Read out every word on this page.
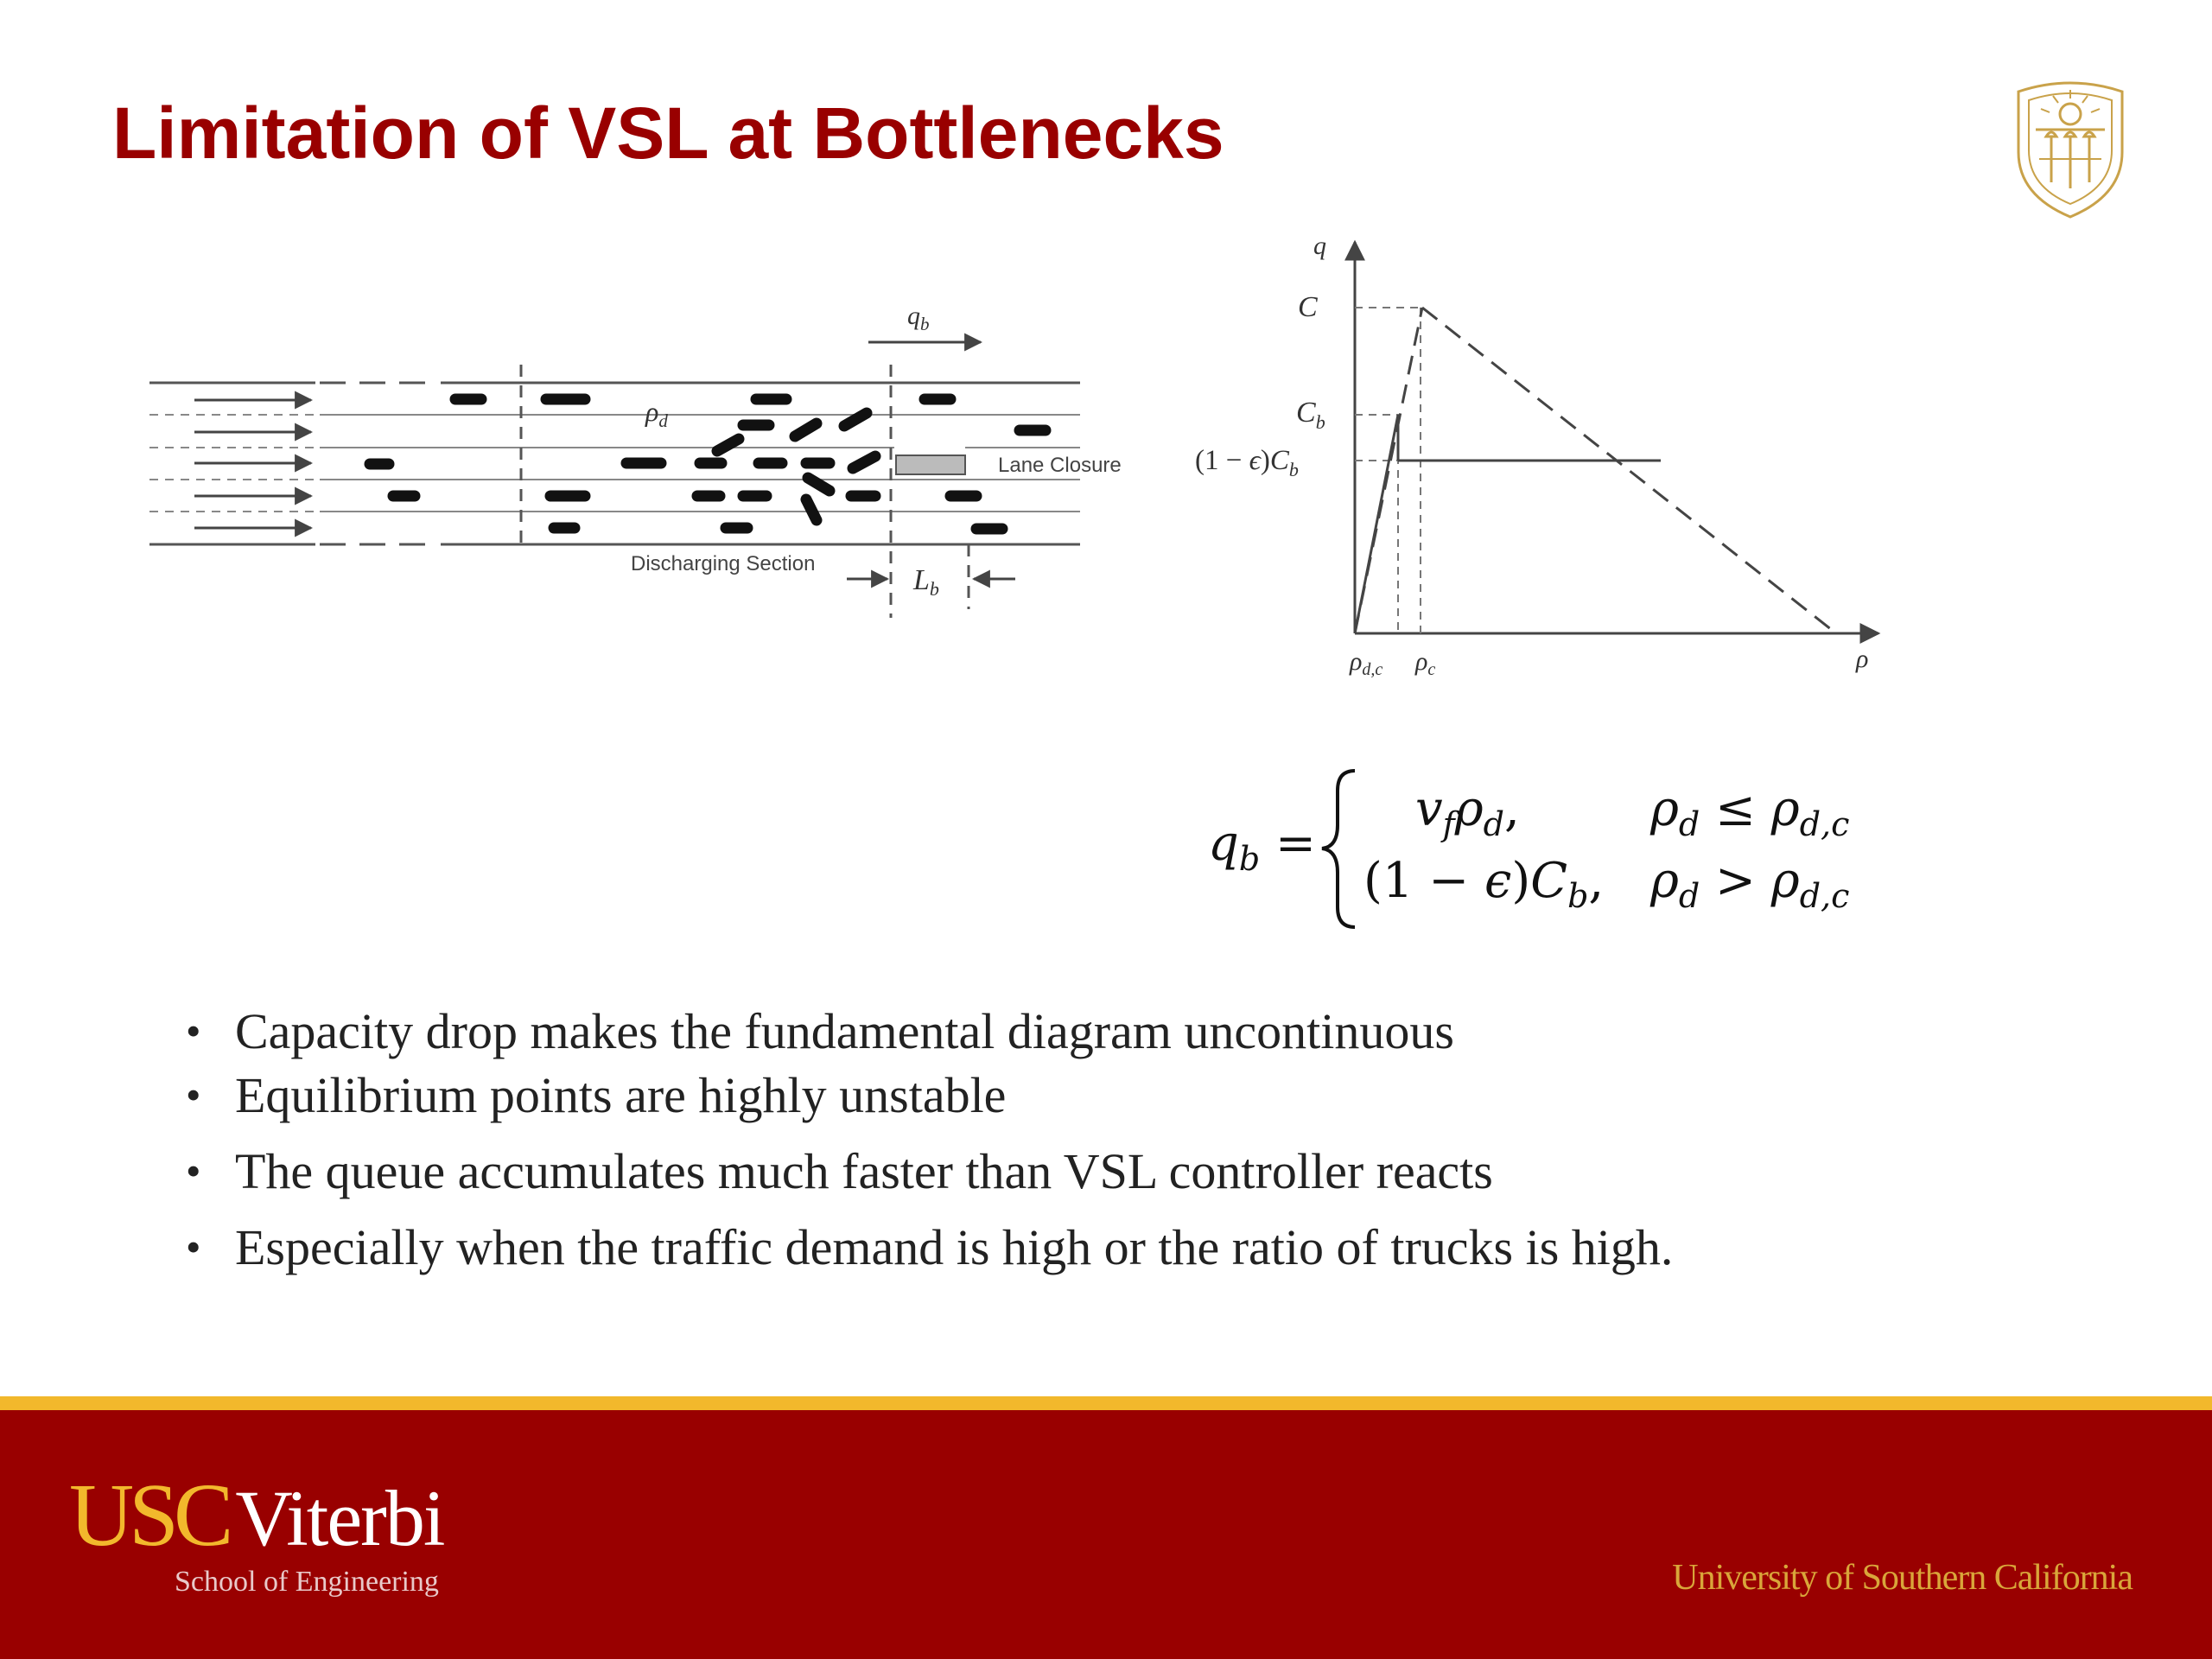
Limitation of VSL at Bottlenecks
Lane Closure
Discharging Section
$q_b$
$\rho_d$
$L_b$
q
C
$C_b$
$(1 - \epsilon)C_b$
$\rho_{d,c}$ $\rho_c$	ρ
$q_b$ =
$v_f\rho_d$,	$\rho_d \le \rho_{d,c}$
$(1 - \epsilon)C_b$, $\rho_d > \rho_{d,c}$
• Capacity drop makes the fundamental diagram uncontinuous
• Equilibrium points are highly unstable
• The queue accumulates much faster than VSL controller reacts
• Especially when the traffic demand is high or the ratio of trucks is high.
USCViterbi
School of Engineering	University of Southern California
